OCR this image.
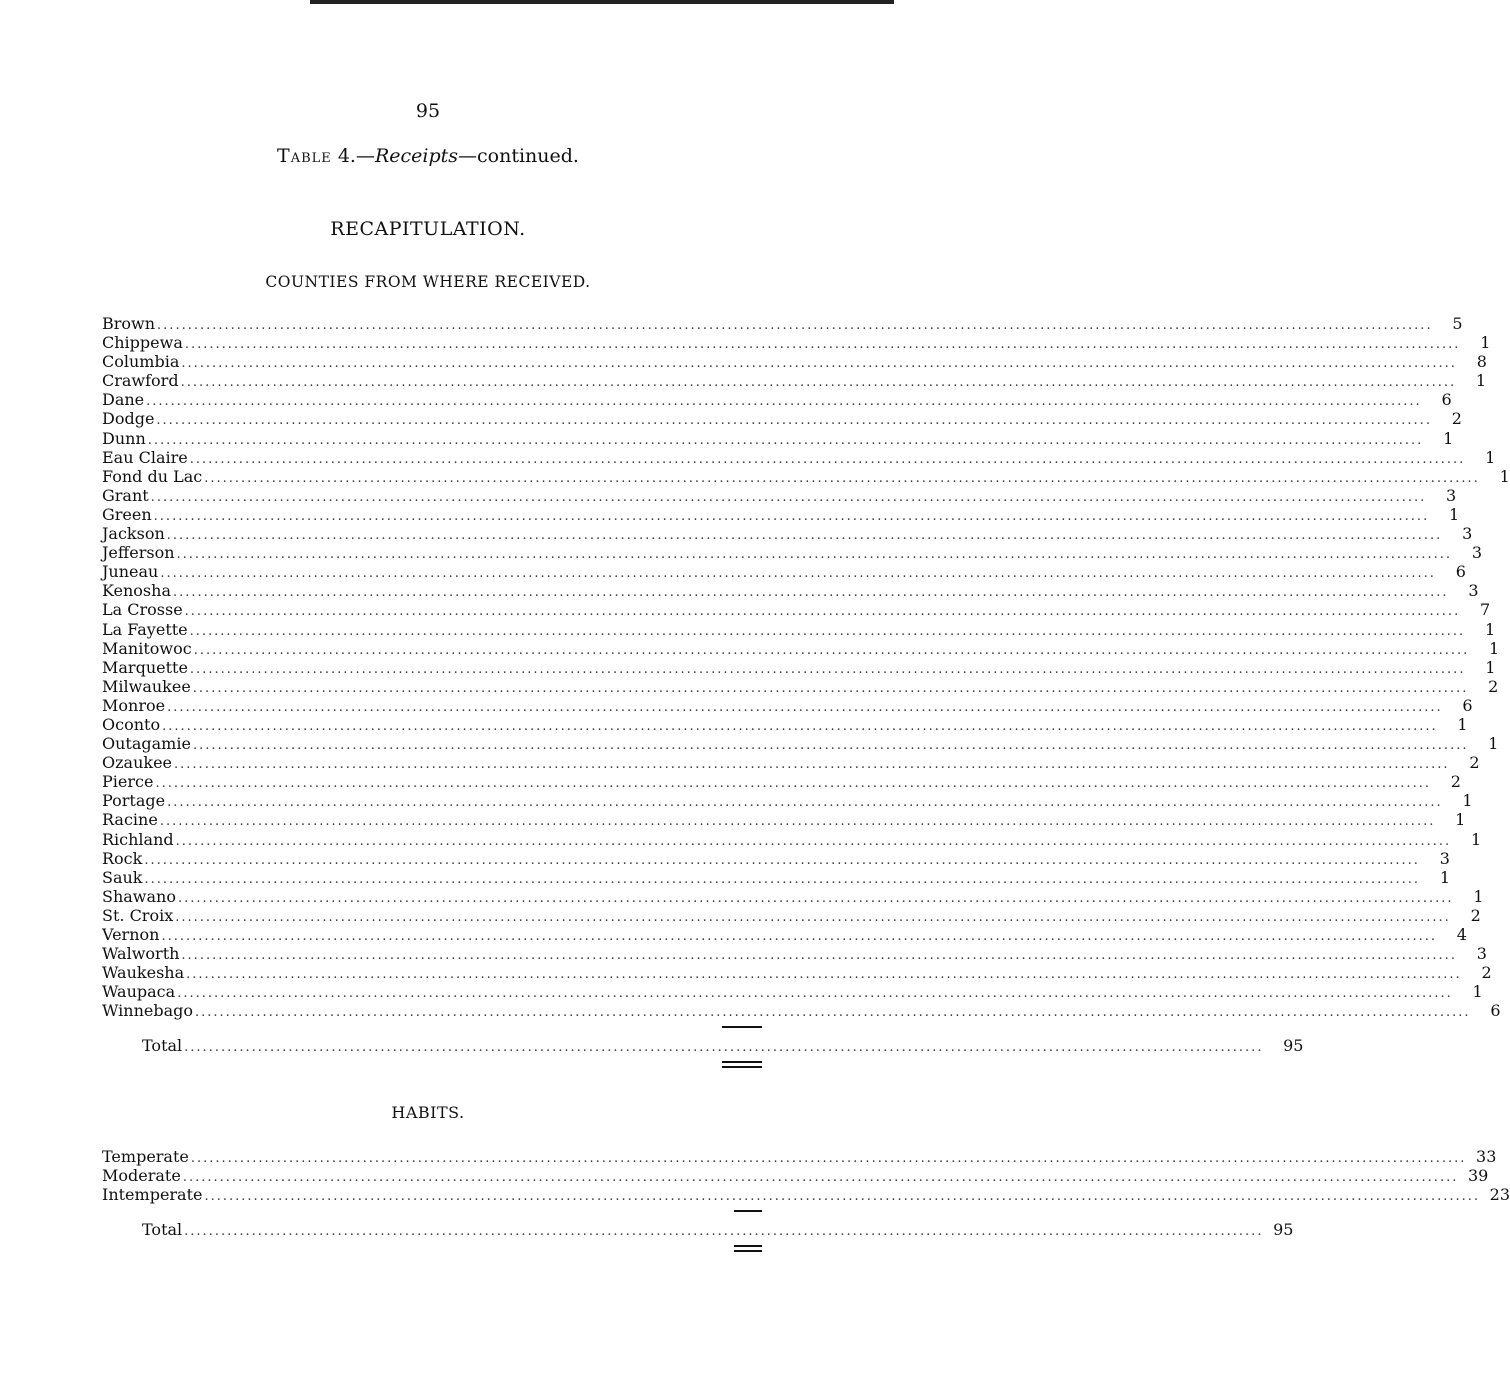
95
Table 4.—Receipts—continued.
RECAPITULATION.
COUNTIES FROM WHERE RECEIVED.
Brown .....	5
Chippewa .....	1
Columbia .....	8
Crawford .....	1
Dane .....	6
Dodge .....	2
Dunn .....	1
Eau Claire .....	1
Fond du Lac .....	1
Grant .....	3
Green .....	1
Jackson .....	3
Jefferson .....	3
Juneau .....	6
Kenosha .....	3
La Crosse .....	7
La Fayette .....	1
Manitowoc .....	1
Marquette .....	1
Milwaukee .....	2
Monroe .....	6
Oconto .....	1
Outagamie .....	1
Ozaukee .....	2
Pierce .....	2
Portage .....	1
Racine .....	1
Richland .....	1
Rock .....	3
Sauk .....	1
Shawano .....	1
St. Croix .....	2
Vernon .....	4
Walworth .....	3
Waukesha .....	2
Waupaca .....	1
Winnebago .....	6
Total ................................................................................................................................................................................	95
HABITS.
Temperate .....	33
Moderate .....	39
Intemperate .....	23
Total ................................................................................................................................................................................ 95
